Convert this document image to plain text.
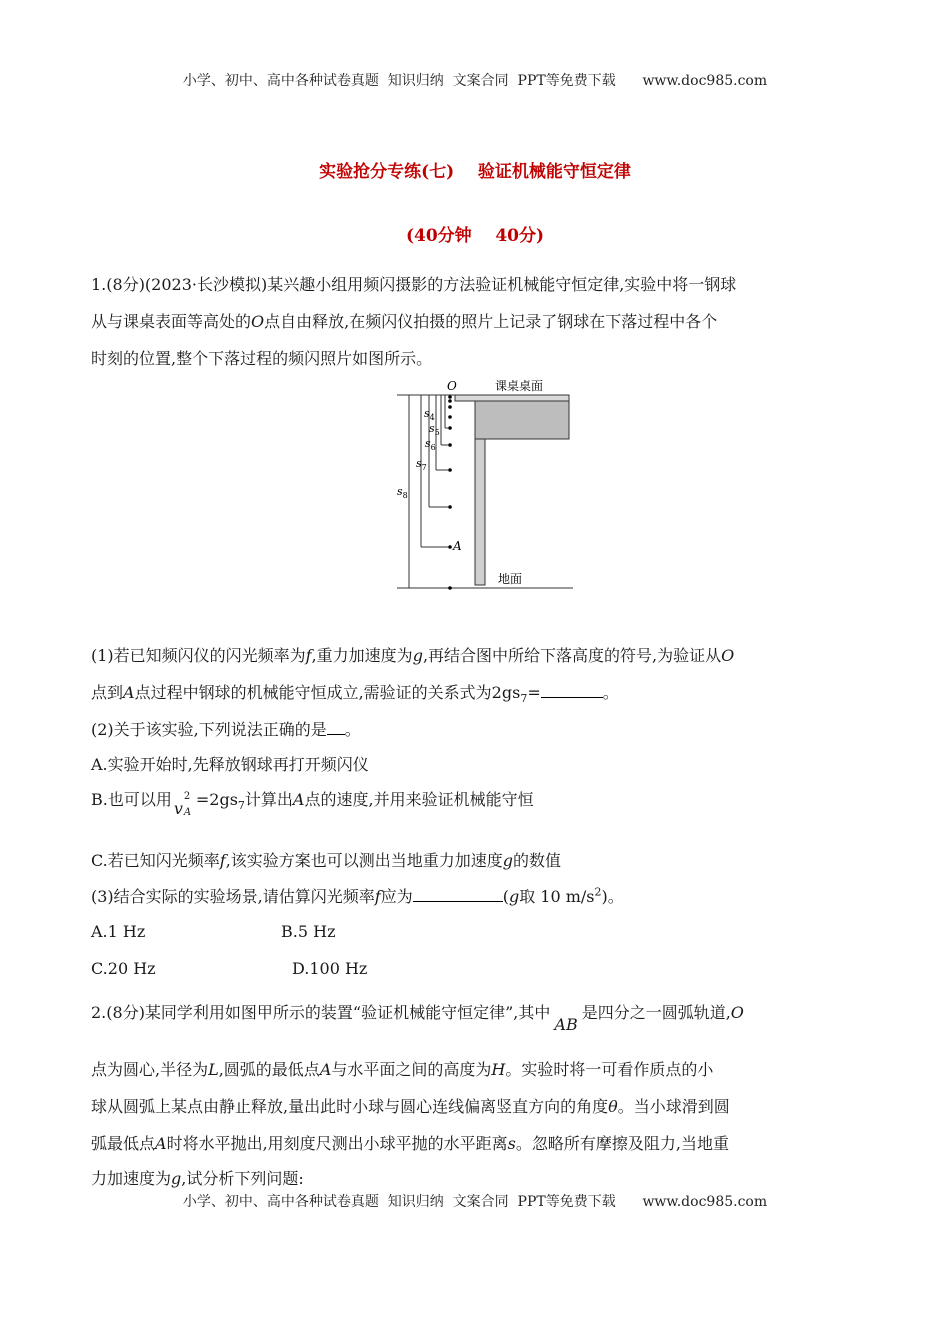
小学、初中、高中各种试卷真题  知识归纳  文案合同  PPT等免费下载      www.doc985.com
实验抢分专练(七)    验证机械能守恒定律
(40分钟    40分)
1.(8分)(2023·长沙模拟)某兴趣小组用频闪摄影的方法验证机械能守恒定律,实验中将一钢球
从与课桌表面等高处的O点自由释放,在频闪仪拍摄的照片上记录了钢球在下落过程中各个
时刻的位置,整个下落过程的频闪照片如图所示。
O	课桌桌面
地面
A
$s_8$
$s_7$
$s_6$
$s_5$
$s_4$
(1)若已知频闪仪的闪光频率为f,重力加速度为g,再结合图中所给下落高度的符号,为验证从O
点到A点过程中钢球的机械能守恒成立,需验证的关系式为$2gs_7=$	。
(2)关于该实验,下列说法正确的是 。
A.实验开始时,先释放钢球再打开频闪仪
B.也可以用 v
2
A
$=2gs_7$计算出A点的速度,并用来验证机械能守恒
C.若已知闪光频率f,该实验方案也可以测出当地重力加速度g的数值
(3)结合实际的实验场景,请估算闪光频率f应为	(g取 10 $m/s^2$)。
A.1 Hz	B.5 Hz
C.20 Hz	D.100 Hz
2.(8分)某同学利用如图甲所示的装置“验证机械能守恒定律”,其中AB是四分之一圆弧轨道,O
点为圆心,半径为L,圆弧的最低点A与水平面之间的高度为H。实验时将一可看作质点的小
球从圆弧上某点由静止释放,量出此时小球与圆心连线偏离竖直方向的角度θ。当小球滑到圆
弧最低点A时将水平抛出,用刻度尺测出小球平抛的水平距离s。忽略所有摩擦及阻力,当地重
力加速度为g,试分析下列问题:
小学、初中、高中各种试卷真题  知识归纳  文案合同  PPT等免费下载      www.doc985.com
